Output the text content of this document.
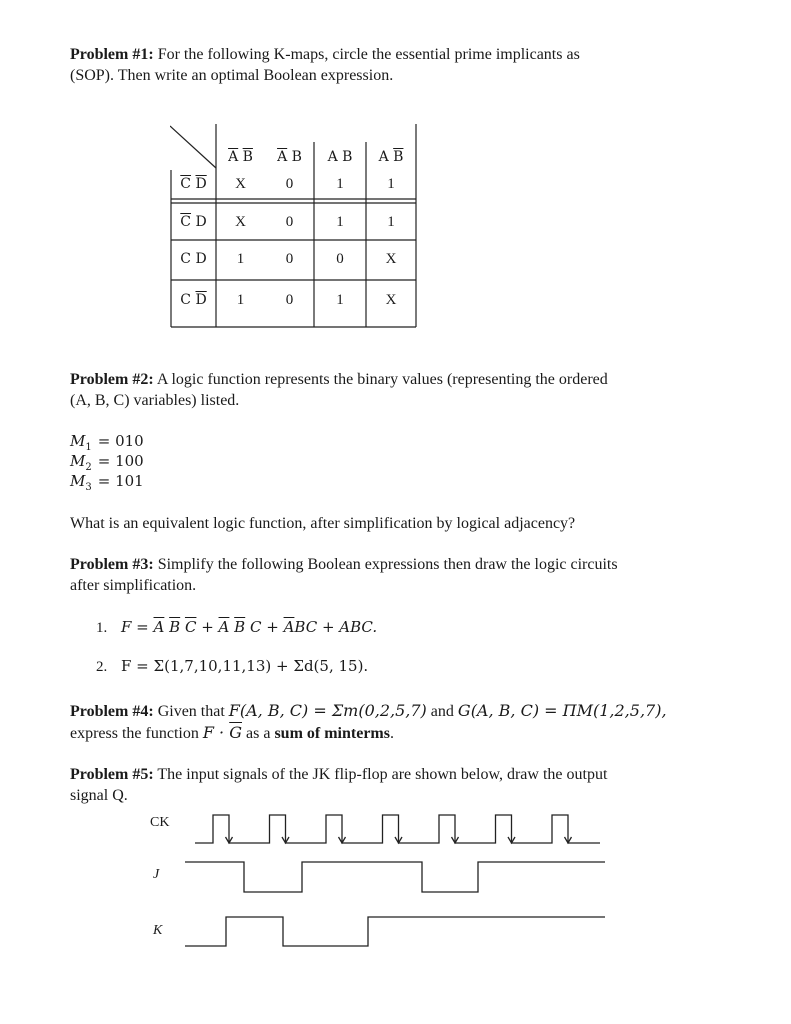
Problem #1: For the following K-maps, circle the essential prime implicants as
(SOP). Then write an optimal Boolean expression.
$\overline{A}$ $\overline{B}$	$\overline{A}$ B	A B	A $\overline{B}$
$\overline{C}$ $\overline{D}$	X	0	1	1
$\overline{C}$ D	X	0	1	1
C D	1	0	0	X
C $\overline{D}$	1	0	1	X
Problem #2: A logic function represents the binary values (representing the ordered
(A, B, C) variables) listed.
$M_1 = 010$
$M_2 = 100$
$M_3 = 101$
What is an equivalent logic function, after simplification by logical adjacency?
Problem #3: Simplify the following Boolean expressions then draw the logic circuits
after simplification.
1. $F = \overline{A}$ $\overline{B}$ $\overline{C} + \overline{A}$ $\overline{B}$ $C + \overline{A}BC$ + ABC.
2. F = Σ(1,7,10,11,13) + Σd(5, 15).
Problem #4: Given that F(A, B, C) = Σm(0,2,5,7) and G(A, B, C) = ΠM(1,2,5,7),
express the function $F \cdot \overline{G}$ as a sum of minterms.
Problem #5: The input signals of the JK flip-flop are shown below, draw the output
signal Q.
CK
J
K
